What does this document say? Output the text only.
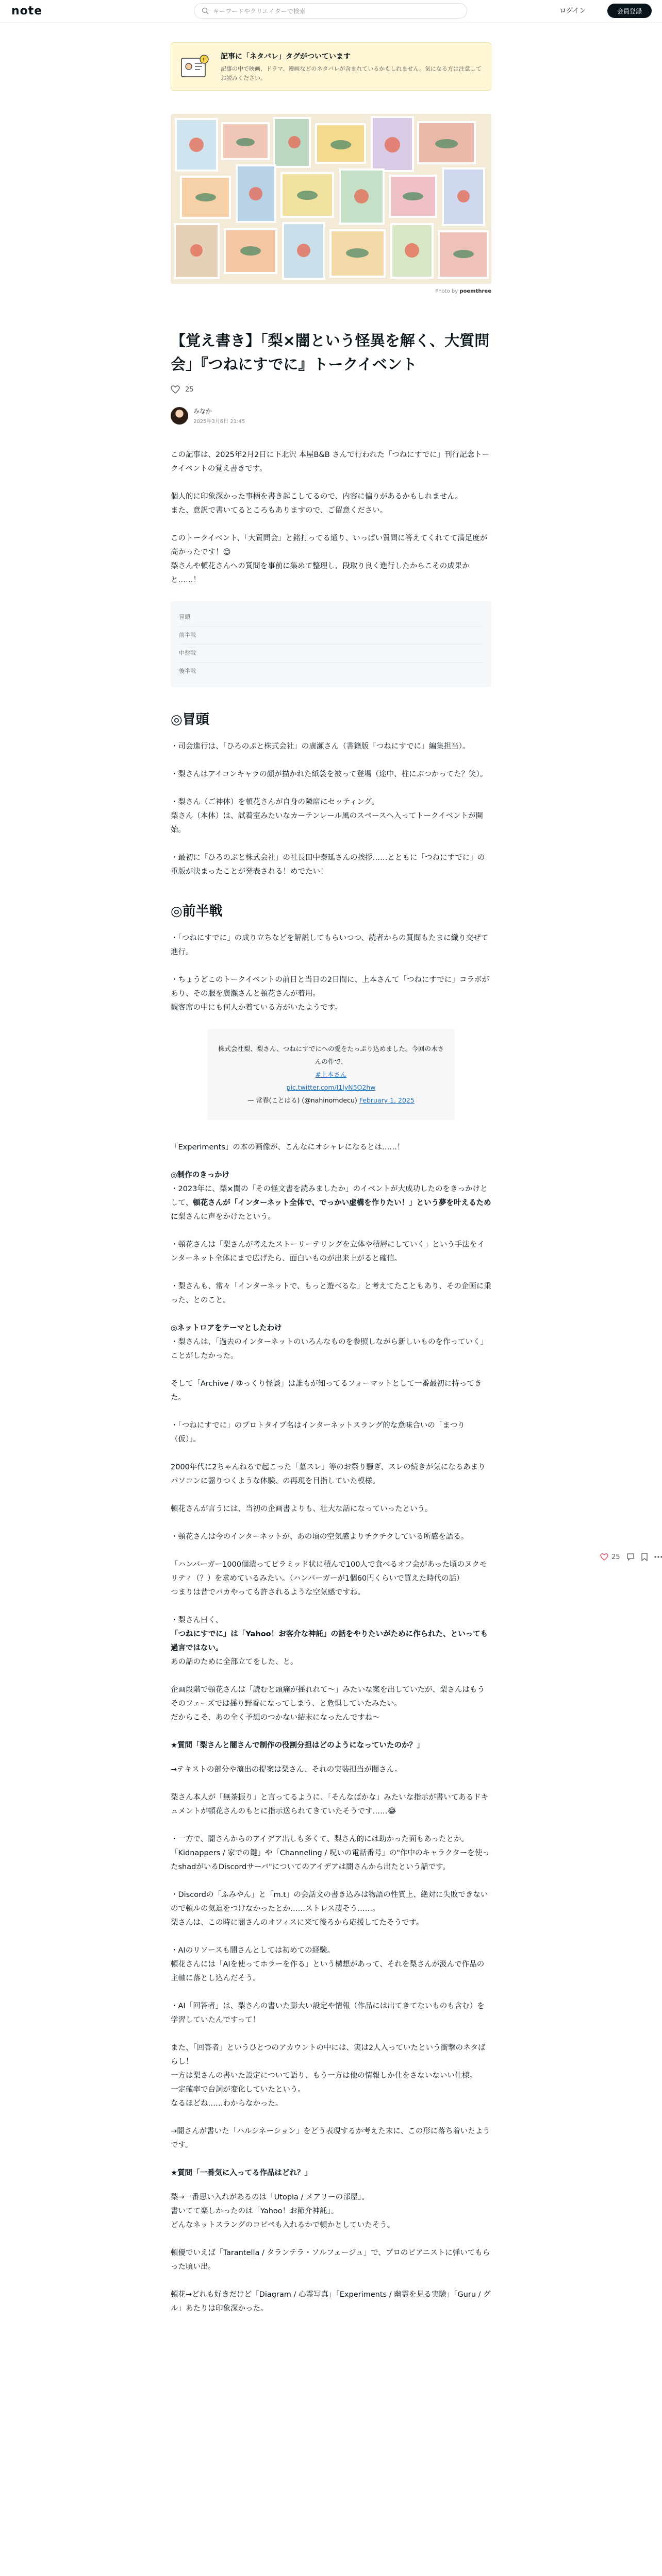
note	キーワードやクリエイターで検索	ログイン	会員登録
! 記事に「ネタバレ」タグがついています
記事の中で映画、ドラマ、漫画などのネタバレが含まれているかもしれません。気になる方は注意してお読みください。
Photo by poemthree
【覚え書き】「梨×闇という怪異を解く、大質問会」『つねにすでに』トークイベント
25
みなか
2025年3月6日 21:45

この記事は、2025年2月2日に下北沢 本屋B&B さんで行われた「つねにすでに」刊行記念トークイベントの覚え書きです。

個人的に印象深かった事柄を書き起こしてるので、内容に偏りがあるかもしれません。
また、意訳で書いてるところもありますので、ご留意ください。

このトークイベント、「大質問会」と銘打ってる通り、いっぱい質問に答えてくれてて満足度が高かったです！😊
梨さんや頓花さんへの質問を事前に集めて整理し、段取り良く進行したからこその成果かと……！

冒頭
前半戦
中盤戦
後半戦
◎冒頭

・司会進行は、「ひろのぶと株式会社」の廣瀬さん（書籍版「つねにすでに」編集担当）。

・梨さんはアイコンキャラの顔が描かれた紙袋を被って登場（途中、柱にぶつかってた？笑）。

・梨さん（ご神体）を頓花さんが自身の隣席にセッティング。
梨さん（本体）は、試着室みたいなカーテンレール風のスペースへ入ってトークイベントが開始。

・最初に「ひろのぶと株式会社」の社長田中泰延さんの挨拶……とともに「つねにすでに」の重版が決まったことが発表される！めでたい！

◎前半戦

・「つねにすでに」の成り立ちなどを解説してもらいつつ、読者からの質問もたまに織り交ぜて進行。

・ちょうどこのトークイベントの前日と当日の2日間に、上本さんて「つねにすでに」コラボがあり、その服を廣瀬さんと頓花さんが着用。
観客席の中にも何人か着ている方がいたようです。

株式会社梨、梨さん、つねにすでにへの愛をたっぷり込めました。今回の木さんの件で、
#上本さん
pic.twitter.com/I1lyN5O2hw
— 常春(ことはる) (@nahinomdecu) February 1, 2025

「Experiments」の本の画像が、こんなにオシャレになるとは……！

◎制作のきっかけ

・2023年に、梨×闇の「その怪文書を読みましたか」のイベントが大成功したのをきっかけとして、頓花さんが「インターネット全体で、でっかい虚構を作りたい！」という夢を叶えるために梨さんに声をかけたという。

・頓花さんは「梨さんが考えたストーリーテリングを立体や積層にしていく」という手法をインターネット全体にまで広げたら、面白いものが出来上がると確信。

・梨さんも、常々「インターネットで、もっと遊べるな」と考えてたこともあり、その企画に乗った、とのこと。

◎ネットロアをテーマとしたわけ

・梨さんは、「過去のインターネットのいろんなものを参照しながら新しいものを作っていく」ことがしたかった。

そして「Archive / ゆっくり怪談」は誰もが知ってるフォーマットとして一番最初に持ってきた。

・「つねにすでに」のプロトタイプ名はインターネットスラング的な意味合いの「まつり（仮）」。

2000年代に2ちゃんねるで起こった「墓スレ」等のお祭り騒ぎ、スレの続きが気になるあまりパソコンに齧りつくような体験、の再現を目指していた模様。

頓花さんが言うには、当初の企画書よりも、壮大な話になっていったという。

・頓花さんは今のインターネットが、あの頃の空気感よりチクチクしている所感を語る。

「ハンバーガー1000個潰ってピラミッド状に積んで100人で食べるオフ会があった頃のヌクモリティ（？）を求めているみたい。（ハンバーガーが1個60円くらいで買えた時代の話）
つまりは昔でバカやっても許されるような空気感ですね。

・梨さん曰く、
「つねにすでに」は「Yahoo！お客介な神託」の話をやりたいがために作られた、といっても過言ではない。
あの話のために全部立てをした、と。

企画段階で頓花さんは「読むと頭痛が揺れれて〜」みたいな案を出していたが、梨さんはもうそのフェーズでは揺り野香になってしまう、と危惧していたみたい。
だからこそ、あの全く予想のつかない結末になったんですね〜

★質問「梨さんと闇さんで制作の役割分担はどのようになっていたのか？」

→テキストの部分や演出の提案は梨さん、それの実装担当が闇さん。

梨さん本人が「無茶振り」と言ってるように、「そんなばかな」みたいな指示が書いてあるドキュメントが頓花さんのもとに指示送られてきていたそうです……😂

・一方で、闇さんからのアイデア出しも多くて、梨さん的には助かった面もあったとか。
「Kidnappers / 家での鍵」や「Channeling / 呪いの電話番号」の"作中のキャラクターを使ったshadがいるDiscordサーバ"についてのアイデアは闇さんから出たという話です。

・Discordの「ふみやん」と「m.t」の会話文の書き込みは物語の性質上、絶対に失敗できないので頓ルの気迫をつけなかったとか……ストレス凄そう……。
梨さんは、この時に闇さんのオフィスに来て後ろから応援してたそうです。

・AIのリソースも闇さんとしては初めての経験。
頓花さんには「AIを使ってホラーを作る」という構想があって、それを梨さんが汲んで作品の主軸に落とし込んだそう。

・AI「回答者」は、梨さんの書いた膨大い設定や情報（作品には出てきてないものも含む）を学習していたんですって！

また、「回答者」というひとつのアカウントの中には、実は2人入っていたという衝撃のネタばらし！
一方は梨さんの書いた設定について語り、もう一方は他の情報しか仕をさないないい仕様。
一定確率で台詞が変化していたという。
なるほどね……わからなかった。

→闇さんが書いた「ハルシネーション」をどう表現するか考えた末に、この形に落ち着いたようです。

★質問「一番気に入ってる作品はどれ？」

梨→一番思い入れがあるのは「Utopia / メアリーの部屋」。
書いてて楽しかったのは「Yahoo！お節介神託」。
どんなネットスラングのコピペも入れるかで頓かとしていたそう。

頓優でいえば「Tarantella / タランテラ・ソルフェージュ」で、プロのピアニストに弾いてもらった頃い出。

頓花→どれも好きだけど「Diagram / 心霊写真」「Experiments / 幽霊を見る実験」「Guru / グル」あたりは印象深かった。

25
